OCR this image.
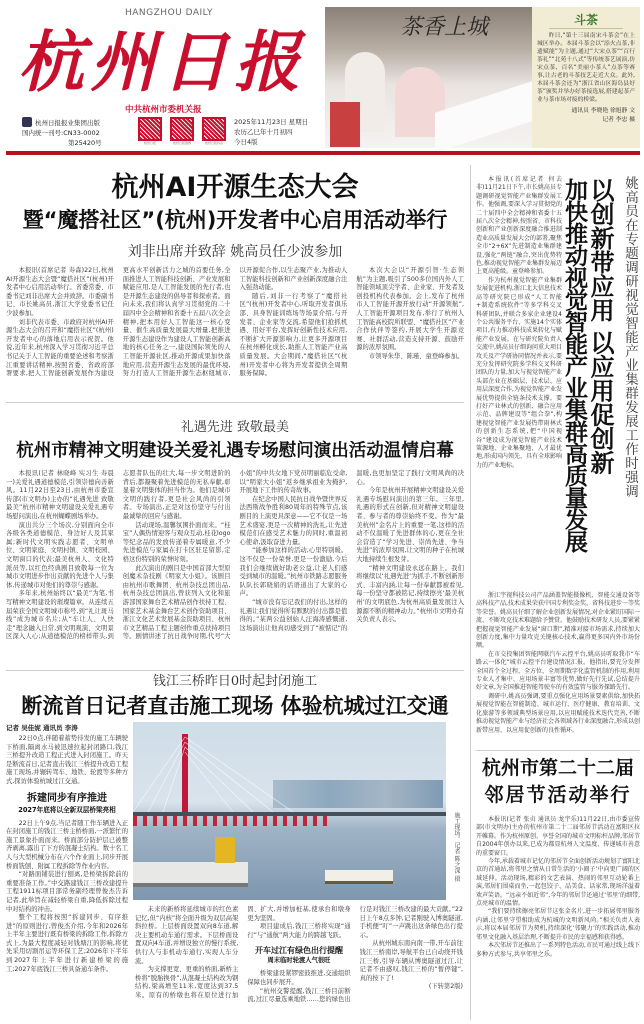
HANGZHOU DAILY
杭州日报
中共杭州市委机关报
杭州日报报业集团出版
国内统一刊号:CN33-0002
第25420号	杭州日报	杭州日报微博	杭州日报抖音
2025年11月23日 星期日
农历乙巳年十月初四
今日4版
茶香上城	斗茶
昨日,“第十三届南宋斗茶会”在上城区举办。本届斗茶会以“添火点茶,非遗赋能”为主题,通过“大宋点茶”“百行茶礼”“北苑十八式”等传统茶艺展演,仿宋点茶、百名“美丽小茶人”点茶等赛事,让古老的斗茶技艺走近大众。此外,本届斗茶会还为“浙江省山区海岛县好茶”颁奖并举办好茶接选展,搭建起茶产业与茶市场对接的桥梁。
通讯员 李晓艳 徐旭静 文
记者 李忠 摄
杭州AI开源生态大会
暨“魔搭社区”(杭州)开发者中心启用活动举行
刘非出席并致辞 姚高员任少波参加

本报讯(首席记者 寿森)22日,杭州AI开源生态大会暨“魔搭社区”(杭州)开发者中心启用活动举行。省委常委、市委书记刘非出席大会并致辞。市委副书记、市长姚高员,浙江大学党委书记任少波参加。

刘非代表市委、市政府对杭州AI开源生态大会的召开和“魔搭社区”(杭州)开发者中心的落地启用表示祝贺。他说,近年来,杭州深入学习贯彻习近平总书记关于人工智能的重要论述和考察浙江重要讲话精神,按照省委、省政府部署要求,把人工智能创新发展作为建设更高水平创新活力之城的首要任务,全面推进人工智能科技创新、产业发展和赋能应用,是人工智能发展的先行者,也是开源生态建设的倡导者和探索者。面向未来,我们将认真学习贯彻党的二十届四中全会精神和省委十五届八次全会精神,把本用好人工智能这一核心变量、催生高质量发展最大增量,把推进开源生态建设作为建设人工智能创新高地的核心任务之一,建设国际领先的人工智能开源社区,推动开源成果加快落地应用,营造开源生态发展的最优环境,努力打造人工智能开源生态枢纽城市,以开源促合作,以生态聚产业,为推动人工智能科技创新和产业创新深度融合注入强劲动能。

随后,刘非一行考察了“魔搭社区”(杭州)开发者中心,听取开发者俱乐部、具身智能训练场等场景介绍,与开发者、企业家等交流,希望他们抢抓机遇、用好平台,发挥好创新性技术应用,不断扩大开源影响力,让更多开源项目在杭州孵化成长,助推人工智能产业高质量发展。大会期间,“魔搭社区”(杭州)开发者中心将为开发者提供全周期服务保障。

本次大会以“开源引智·生态领航”为主题,吸引了500多位国内外人工智能领域顶尖学者、企业家、开发者及创投机构代表参加。会上,发布了杭州市人工智能开源开放行动“开源领航”,人工智能开源项目发布,举行了杭州人工智能高校院所联盟、“魔搭社区”产业合作伙伴等签约,开展大学生开源竞赛、社群活动,营造支持开源、鼓励开源的浓厚氛围。

市领导朱华、陈瑾、童登峰参加。

礼遇先进 致敬最美
杭州市精神文明建设关爱礼遇专场慰问演出活动温情启幕

本报讯(记者 林晓峰 实习生 寿晨一)关爱礼遇道德模范,引领崇德向善新风。11月22日至23日,由杭州市委宣传部(市文明办)主办的“礼遇先进 致敬最美”杭州市精神文明建设关爱礼遇专场慰问演出,在杭州蝴蝶剧场举办。

演出共分三个场次,分别面向全市各级各类道德模范、身边好人及其家属;新时代文明实践志愿者、文明单位、文明家庭、文明村镇、文明校园、文明窗口的代表;最美杭州人、文化特派员等,以红色经典剧目致敬每一位为城市文明进步作出贡献的先进个人与集体,传递城市对他们的尊崇与感谢。

多年来,杭州始终以“最美”为笔,书写精神文明建设的璀璨篇章。从连续五届荣获全国文明城市称号,到“礼让斑马线”成为城市名片;从“车让人、人快走”理念融入日常,到文明观演、文明景区深入人心;从道德模范的榜样带头,到志愿者队伍的壮大,每一步文明进阶的背后,都凝聚着先进模范的无私奉献,彰显着文明集体的担当作为。他们是城市文明的践行者,更是社会风尚的引领者。专场演出,正是对这份坚守与付出最诚挚的回应与感谢。

活动现场,温馨氛围扑面而来。“桂宝”人偶热情迎客与观众互动,桂花logo等纪念品的发放传递着专属暖意,不少先进模范与家属在打卡区驻足留影,定格这份特别的荣誉时刻。

此次演出的剧目是中国首部大型原创魔术杂技剧《明家大小姐》。该剧目由杭州市歌舞团、杭州杂技总团出品,杭州杂技总团演出,曾获列入文化和旅游部国家舞台艺术精品创作扶持工程、国家艺术基金舞台艺术创作资助项目、浙江文化艺术发展基金资助项目、杭州市文艺精品工程主题创作重点扶持项目等。剧情讲述了抗日战争时期,代号“大小姐”的中共女地下党员明丽临危受命,以“明家大小姐”返乡继承祖业为掩护,开展地下工作的传奇故事。

在纪念中国人民抗日战争暨世界反法西斯战争胜利80周年的特殊节点,该剧目的上演更具深意——它不仅是一场艺术盛宴,更是一次精神的洗礼,让先进模范们在感受艺术魅力的同时,重温初心使命,汲取奋进力量。

“能参加这样的活动,心里特别暖。这不仅是一份荣誉,更是一份激励,今后我们会继续做好助老公益,让老人们感受到城市的温暖。”杭州市铁路志愿服务队队长郭晓娟的话语道出了大家的心声。

“城市没有忘记我们的付出,这样的礼遇让我们觉得所有默默的付出都是值得的。”某两公益创始人汪海涛感慨道,这场演出让他真切感受到了“被惦记”的温暖,也更加坚定了践行文明风尚的决心。

今年是杭州开展精神文明建设关爱礼遇专场慰问演出的第三年。三年里,礼遇的形式在创新,但对精神文明建设者、参与者的尊崇始终不变。作为“最美杭州”金名片上的重要一笔,这样的活动不仅温暖了先进群体的心,更在全社会营造了“学习先进、崇尚先进、争当先进”的浓厚氛围,让文明的种子在杭城大地持续生根发芽。

“精神文明建设永远在路上。我们将继续以‘礼遇先进’为抓手,不断创新形式、丰富内涵,让每一份奉献都被看见,每一份坚守都被铭记,持续擦亮‘最美杭州’的文明底色,为杭州高质量发展注入源源不断的精神动力。”杭州市文明办有关负责人表示。

钱江三桥昨日0时起封闭施工
断流首日记者直击施工现场 体验杭城过江交通
记者 吴佳妮 通讯员 李涛

22日0点,伴随着蓄势待发的施工车辆驶下桥面,隔离水马被迅速拉起封闭路口,钱江三桥提升改造工程正式进入封闭施工。昨天是断流首日,记者直击钱江三桥提升改造工程施工现场,并辗转驾车、地铁、轮渡等多种方式,探访体验杭城过江交通。

拆建同步有序推进
2027年底将以全新双层桥梁亮相

22日上午9点,当记者随工作车辆进入正在封闭施工的钱江三桥主桥桥面,一派繁忙的施工景象扑面而来。桥面部分防护层已被整齐剥离,露出了下方的混凝土结构。数十名工人与大型机械分布在六个作业面上,同步开展桥面铣刨、附属工程拆除等作业内容。

“对路面铺装进行刨离,是桥梁拆除前的重要准备工作。”中交路建钱江三桥改建提升工程1911标项目部常务副经理曾俊杰告诉记者,此举旨在减轻桥梁自重,降低拆除过程中对结构的冲击。

整个工程将按照“拆建同步、有序推进”的原则进行,曾俊杰介绍,今年和2026年上半年主要进行既有桥梁的拆除工作,拆除方式上,为最大程度减轻对钱塘江的影响,将优先采用切割吊运等环保工艺;2026年下半年到2027年上半年进行新建桥梁的施工;2027年底钱江三桥具备通车条件。

施工现场。记者 陈之深 摄

未来的新桥将延续城市的红色素记忆,但“内核”将全面升级为双层高架斜拉桥。上层桥面设置双向8车道,解决主要机动车通行需求。下层桥面设置双向4车道,并增设独立的慢行系统,供行人与非机动车通行,实现人车分流。

为支撑更宽、更重的桥面,新桥主桥将“脱胎换骨”,从混凝土结构改为钢结构,梁高增至11米,宽度达到37.5米。原有的桥墩也将在原位进行加固、扩大,并增加桩基,使承台和墩身更为坚固。

项目建成后,钱江三桥将实现“通行”与“通航”两大能力的跨越飞跃。

开车过江有绿色出行提醒
周末临时轮渡人气很旺

桥梁建设紧锣密鼓推进,交通组织保障也同步展开。

“杭州交警提醒,钱江三桥目前断流,过江尽量选乘地铁……您的绿色出行是对钱江三桥改建的最大贡献。”22日上午8点多钟,记者刚驶入博奥隧道,手机便“叮”一声跳出这条绿色出行提示。

从杭州城东南向南一带,开车前往钱江三桥南岸,导航平台已自动绕开钱江三桥,引导车辆从博奥隧道过江,让记者不由感叹,钱江三桥的“暂停键”,真的按下了!

(下转第2版)
姚高员在专题调研视觉智能产业集群发展工作时强调
以创新带应用 以应用促创新
加快推动视觉智能产业集群高质量发展

本报讯(首席记者 何去非)11月21日下午,市长姚高员专题调研视觉智能产业集群发展工作。他强调,要深入学习贯彻党的二十届四中全会精神和省委十五届八次全会精神,按照省、市科技创新和产业创新深度融合推进制造业高质量发展大会的部署,聚焦全市“2+6X”先进制造业集群建设,强化“两链”融合,突出优势特色,推动视觉智能产业集群发展迈上更高能级。童登峰参加。

作为杭州视觉智能产业集群发展促进机构,浙江北大信息技术高等研究院已形成“人工智能+制造系统软件”等多学科交叉科研团队,并联合多家企业建设4个公共服务平台、实施14个实体项目,有力推动科技成果转化与赋能产业发展。在与研究院负责人交流中,姚高员仔细询问重大项目攻关及产学研协同情况并表示,要充分发挥研究院多学科交叉科研团队的力量,加大与视觉智能产业头部企业在基础层、技术层、应用层深度合作,为视觉智能产业发展优势提供全链条技术支撑。要打好产业林式的创新、融合应用示范、品牌建设等“组合拳”,构建视觉智能产业发展热带雨林式的创新生态系统,把“中国视谷”建设成为视觉智能产业技术策源地、企业集聚地、人才最优地,形成国内领先、具有全球影响力的产业地标。

浙江宇视科技公司产品涵盖智能摄像机、智能交通设备等高科技产品,技术成果荣获中国专利奖金奖、省科技进步一等奖等荣誉。姚高员仔细了解企业创新发展情况,对企业紧盯国际一流、不断攻克技术难题给予赞赏。他鼓励技术研发人员,要紧紧把握视觉智能产业发展“窗口期”,精准对接市场需求,持续加大创新力度,集中力量攻克关键核心技术,赢得更多国内外市场份额。

在市交投集团智能网联汽车云控平台,姚高员听取我市“车路云一体化”城市云控平台建设情况汇报。他指出,要充分发挥全国首个全过程、全方位、全周期数字化监管机制的作用,利用专业人才集中、应用场景丰富等优势,做好先行先试,总结提升好文章,为全国推进智能驾驶车的有效监管与服务探路先行。

调研中,姚高员强调,要重点强化应用场景要素供给,加快拓展视觉智能在智能制造、城市运行、医疗健康、教育培训、文化旅游等多领域典型场景应用,以应用赋能技术迭代完善,不断推动视觉智能产业与经济社会各领域各行业深度融合,形成以创新带应用、以应用促创新的良性循环。

杭州市第二十二届
邻居节活动举行

本报讯(记者 张贞 通讯员 龙宇乐)11月22日,由市委宣传部(市文明办)主办的杭州市第二十二届邻居节活动在富阳区拉开帷幕。作为杭州原创、享誉全国的城市文明标杆品牌,邻居节自2004年创办以来,已成为都显杭州人文温度、传递城市善意的重要窗口。

今年,承载着城市记忆的邻居节全面创新活动规划了富阳北京的首通站,将邻里之情从日常生活的‘小圈子’中向更广阔的区域延伸。活动现场,精彩的文艺表演、热闹的邻里互动轮番上演,邻居们围桌而坐,一起包饺子、品美食、话家常,现场洋溢着欢声笑语。“远亲不如近邻”,今年的邻居节还通过‘邻里’的细带,点亮城市的温情。

“我们要持续擦亮邻居节这张金名片,进一步拓展邻里服务内涵,让邻里守望相助成为杭城的文明新风尚。”相关负责人表示,将以本届邻居节为契机,持续深化‘邻聚力’的实践活动,推动邻里文化融入基层治理,不断提升市民的幸福感和获得感。

本次邻居节还推出了一系列特色活动,市民可通过线上线下多种方式参与,共享邻里之乐。
